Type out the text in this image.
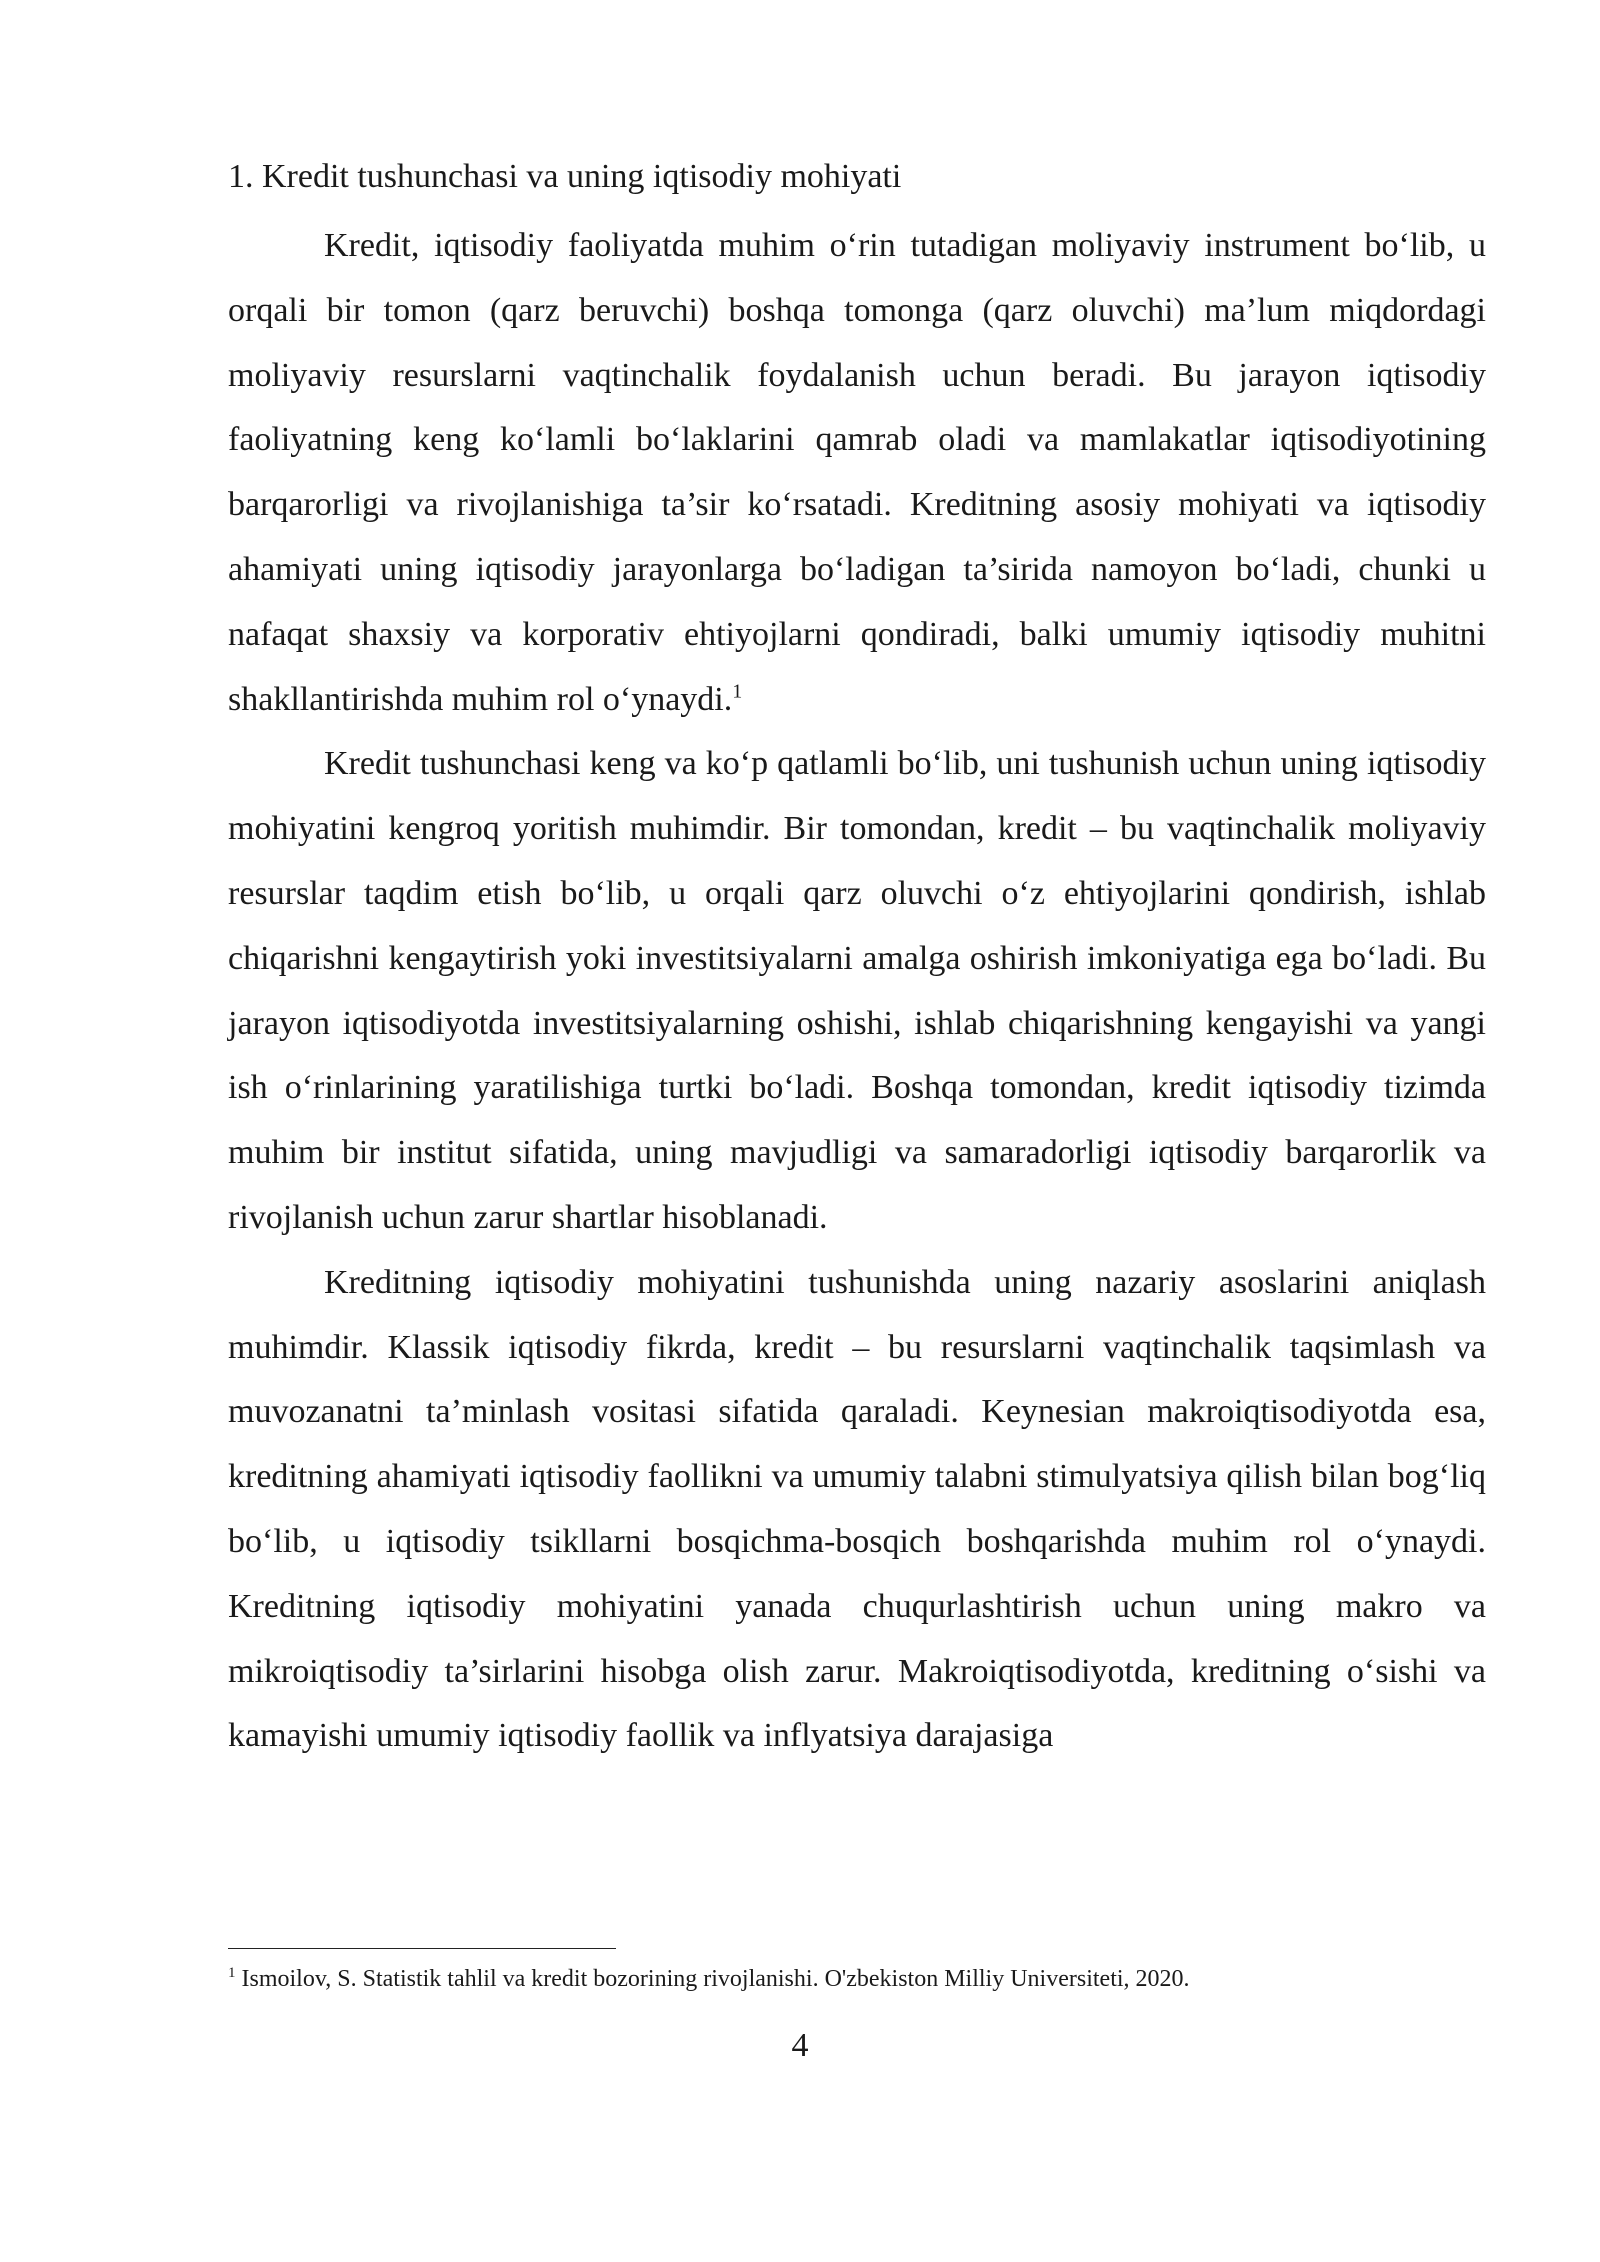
1. Kredit tushunchasi va uning iqtisodiy mohiyati

Kredit, iqtisodiy faoliyatda muhim o‘rin tutadigan moliyaviy instrument bo‘lib, u orqali bir tomon (qarz beruvchi) boshqa tomonga (qarz oluvchi) ma’lum miqdordagi moliyaviy resurslarni vaqtinchalik foydalanish uchun beradi. Bu jarayon iqtisodiy faoliyatning keng ko‘lamli bo‘laklarini qamrab oladi va mamlakatlar iqtisodiyotining barqarorligi va rivojlanishiga ta’sir ko‘rsatadi. Kreditning asosiy mohiyati va iqtisodiy ahamiyati uning iqtisodiy jarayonlarga bo‘ladigan ta’sirida namoyon bo‘ladi, chunki u nafaqat shaxsiy va korporativ ehtiyojlarni qondiradi, balki umumiy iqtisodiy muhitni shakllantirishda muhim rol o‘ynaydi.$^1$

Kredit tushunchasi keng va ko‘p qatlamli bo‘lib, uni tushunish uchun uning iqtisodiy mohiyatini kengroq yoritish muhimdir. Bir tomondan, kredit – bu vaqtinchalik moliyaviy resurslar taqdim etish bo‘lib, u orqali qarz oluvchi o‘z ehtiyojlarini qondirish, ishlab chiqarishni kengaytirish yoki investitsiyalarni amalga oshirish imkoniyatiga ega bo‘ladi. Bu jarayon iqtisodiyotda investitsiyalarning oshishi, ishlab chiqarishning kengayishi va yangi ish o‘rinlarining yaratilishiga turtki bo‘ladi. Boshqa tomondan, kredit iqtisodiy tizimda muhim bir institut sifatida, uning mavjudligi va samaradorligi iqtisodiy barqarorlik va rivojlanish uchun zarur shartlar hisoblanadi.

Kreditning iqtisodiy mohiyatini tushunishda uning nazariy asoslarini aniqlash muhimdir. Klassik iqtisodiy fikrda, kredit – bu resurslarni vaqtinchalik taqsimlash va muvozanatni ta’minlash vositasi sifatida qaraladi. Keynesian makroiqtisodiyotda esa, kreditning ahamiyati iqtisodiy faollikni va umumiy talabni stimulyatsiya qilish bilan bog‘liq bo‘lib, u iqtisodiy tsikllarni bosqichma-bosqich boshqarishda muhim rol o‘ynaydi. Kreditning iqtisodiy mohiyatini yanada chuqurlashtirish uchun uning makro va mikroiqtisodiy ta’sirlarini hisobga olish zarur. Makroiqtisodiyotda, kreditning o‘sishi va kamayishi umumiy iqtisodiy faollik va inflyatsiya darajasiga

$^1$ Ismoilov, S. Statistik tahlil va kredit bozorining rivojlanishi. O'zbekiston Milliy Universiteti, 2020.

4
